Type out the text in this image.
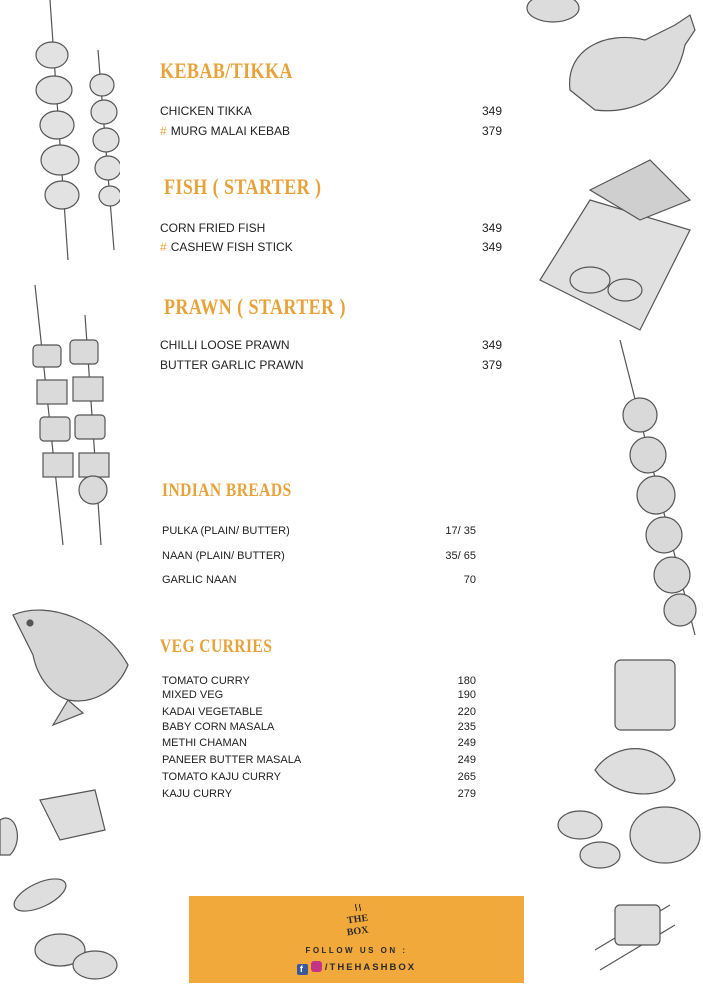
KEBAB/TIKKA
CHICKEN TIKKA	349
# MURG MALAI KEBAB	379
FISH ( STARTER )
CORN FRIED FISH	349
# CASHEW FISH STICK	349
PRAWN ( STARTER )
CHILLI LOOSE PRAWN	349
BUTTER GARLIC PRAWN	379
INDIAN BREADS
PULKA (PLAIN/ BUTTER)	17/ 35
NAAN (PLAIN/ BUTTER)	35/ 65
GARLIC NAAN	70
VEG CURRIES
TOMATO CURRY	180
MIXED VEG	190
KADAI VEGETABLE	220
BABY CORN MASALA	235
METHI CHAMAN	249
PANEER BUTTER MASALA	249
TOMATO KAJU CURRY	265
KAJU CURRY	279
THE
BOX
FOLLOW US ON :
f /THEHASHBOX
